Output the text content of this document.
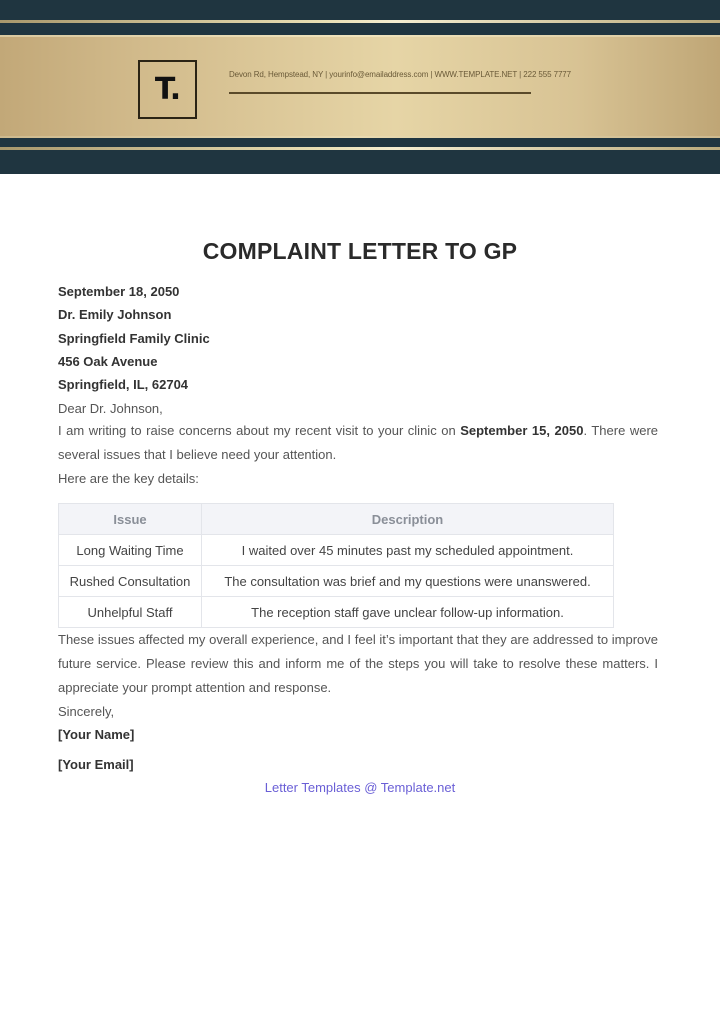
T.	Devon Rd, Hempstead, NY | yourinfo@emailaddress.com | WWW.TEMPLATE.NET | 222 555 7777
COMPLAINT LETTER TO GP
September 18, 2050
Dr. Emily Johnson
Springfield Family Clinic
456 Oak Avenue
Springfield, IL, 62704
Dear Dr. Johnson,
I am writing to raise concerns about my recent visit to your clinic on September 15, 2050. There were several issues that I believe need your attention.
Here are the key details:
Issue	Description
Long Waiting Time	I waited over 45 minutes past my scheduled appointment.
Rushed Consultation	The consultation was brief and my questions were unanswered.
Unhelpful Staff	The reception staff gave unclear follow-up information.
These issues affected my overall experience, and I feel it’s important that they are addressed to improve future service. Please review this and inform me of the steps you will take to resolve these matters. I appreciate your prompt attention and response.
Sincerely,
[Your Name]
[Your Email]
Letter Templates @ Template.net
